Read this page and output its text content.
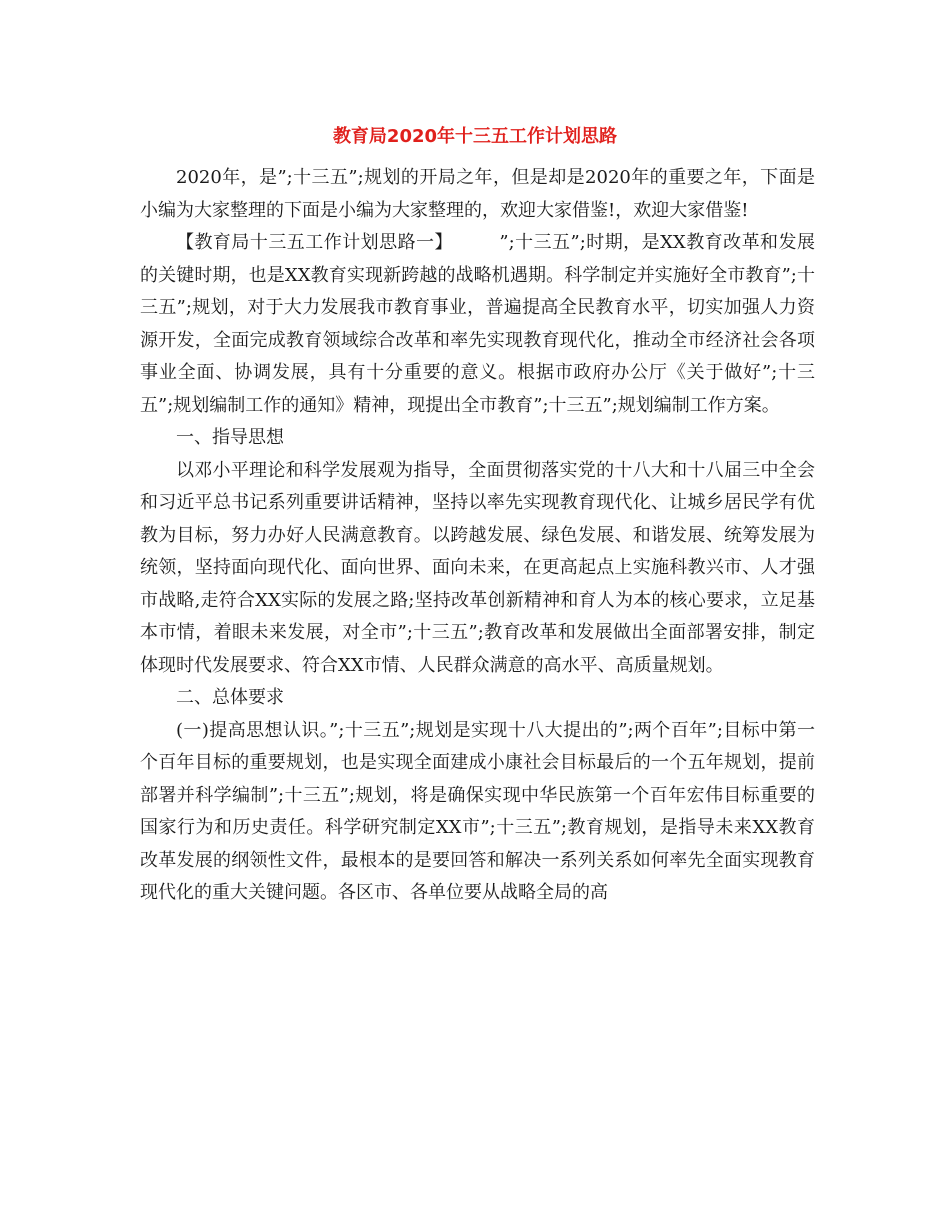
教育局2020年十三五工作计划思路

2020年，是”;十三五”;规划的开局之年，但是却是2020年的重要之年，下面是小编为大家整理的下面是小编为大家整理的，欢迎大家借鉴!，欢迎大家借鉴!

【教育局十三五工作计划思路一】　　　”;十三五”;时期，是XX教育改革和发展的关键时期，也是XX教育实现新跨越的战略机遇期。科学制定并实施好全市教育”;十三五”;规划，对于大力发展我市教育事业，普遍提高全民教育水平，切实加强人力资源开发，全面完成教育领域综合改革和率先实现教育现代化，推动全市经济社会各项事业全面、协调发展，具有十分重要的意义。根据市政府办公厅《关于做好”;十三五”;规划编制工作的通知》精神，现提出全市教育”;十三五”;规划编制工作方案。

一、指导思想

以邓小平理论和科学发展观为指导，全面贯彻落实党的十八大和十八届三中全会和习近平总书记系列重要讲话精神，坚持以率先实现教育现代化、让城乡居民学有优教为目标，努力办好人民满意教育。以跨越发展、绿色发展、和谐发展、统筹发展为统领，坚持面向现代化、面向世界、面向未来，在更高起点上实施科教兴市、人才强市战略,走符合XX实际的发展之路;坚持改革创新精神和育人为本的核心要求，立足基本市情，着眼未来发展，对全市”;十三五”;教育改革和发展做出全面部署安排，制定体现时代发展要求、符合XX市情、人民群众满意的高水平、高质量规划。

二、总体要求

(一)提高思想认识。”;十三五”;规划是实现十八大提出的”;两个百年”;目标中第一个百年目标的重要规划，也是实现全面建成小康社会目标最后的一个五年规划，提前部署并科学编制”;十三五”;规划，将是确保实现中华民族第一个百年宏伟目标重要的国家行为和历史责任。科学研究制定XX市”;十三五”;教育规划，是指导未来XX教育改革发展的纲领性文件，最根本的是要回答和解决一系列关系如何率先全面实现教育现代化的重大关键问题。各区市、各单位要从战略全局的高
